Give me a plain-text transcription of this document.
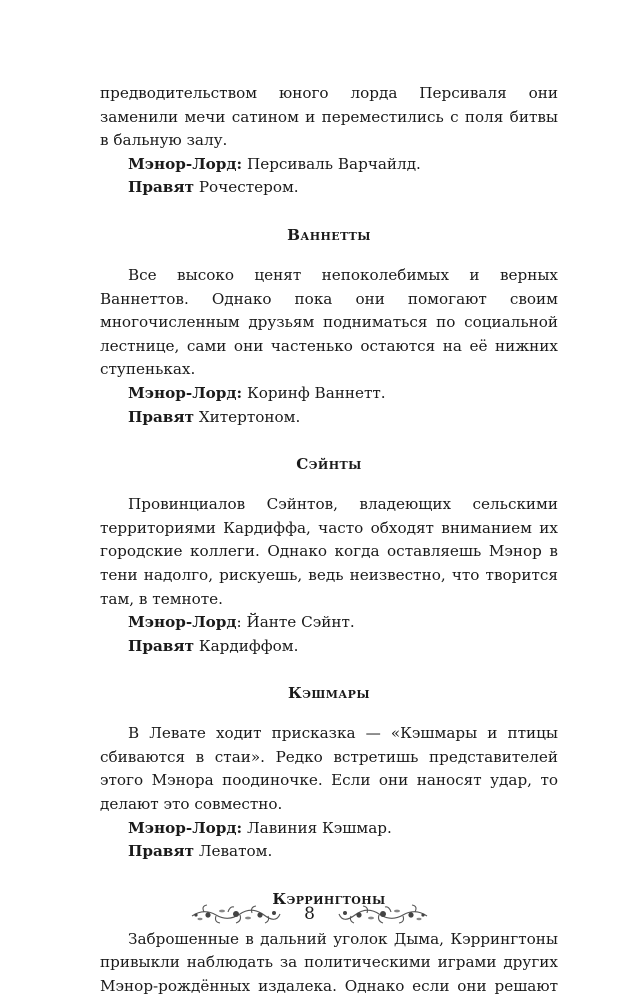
предводительством юного лорда Персиваля они заменили мечи сатином и переместились с поля битвы в бальную залу.

Мэнор-Лорд: Персиваль Варчайлд.

Правят Рочестером.

Ваннетты

Все высоко ценят непоколебимых и верных Ваннеттов. Однако пока они помогают своим многочисленным друзьям подниматься по социальной лестнице, сами они частенько остаются на её нижних ступеньках.

Мэнор-Лорд: Коринф Ваннетт.

Правят Хитертоном.

Сэйнты

Провинциалов Сэйнтов, владеющих сельскими территориями Кардиффа, часто обходят вниманием их городские коллеги. Однако когда оставляешь Мэнор в тени надолго, рискуешь, ведь неизвестно, что творится там, в темноте.

Мэнор-Лорд: Йанте Сэйнт.

Правят Кардиффом.

Кэшмары

В Левате ходит присказка — «Кэшмары и птицы сбиваются в стаи». Редко встретишь представителей этого Мэнора поодиночке. Если они наносят удар, то делают это совместно.

Мэнор-Лорд: Лавиния Кэшмар.

Правят Леватом.

Кэррингтоны

Заброшенные в дальний уголок Дыма, Кэррингтоны привыкли наблюдать за политическими играми других Мэнор-рождённых издалека. Однако если они решают

8
